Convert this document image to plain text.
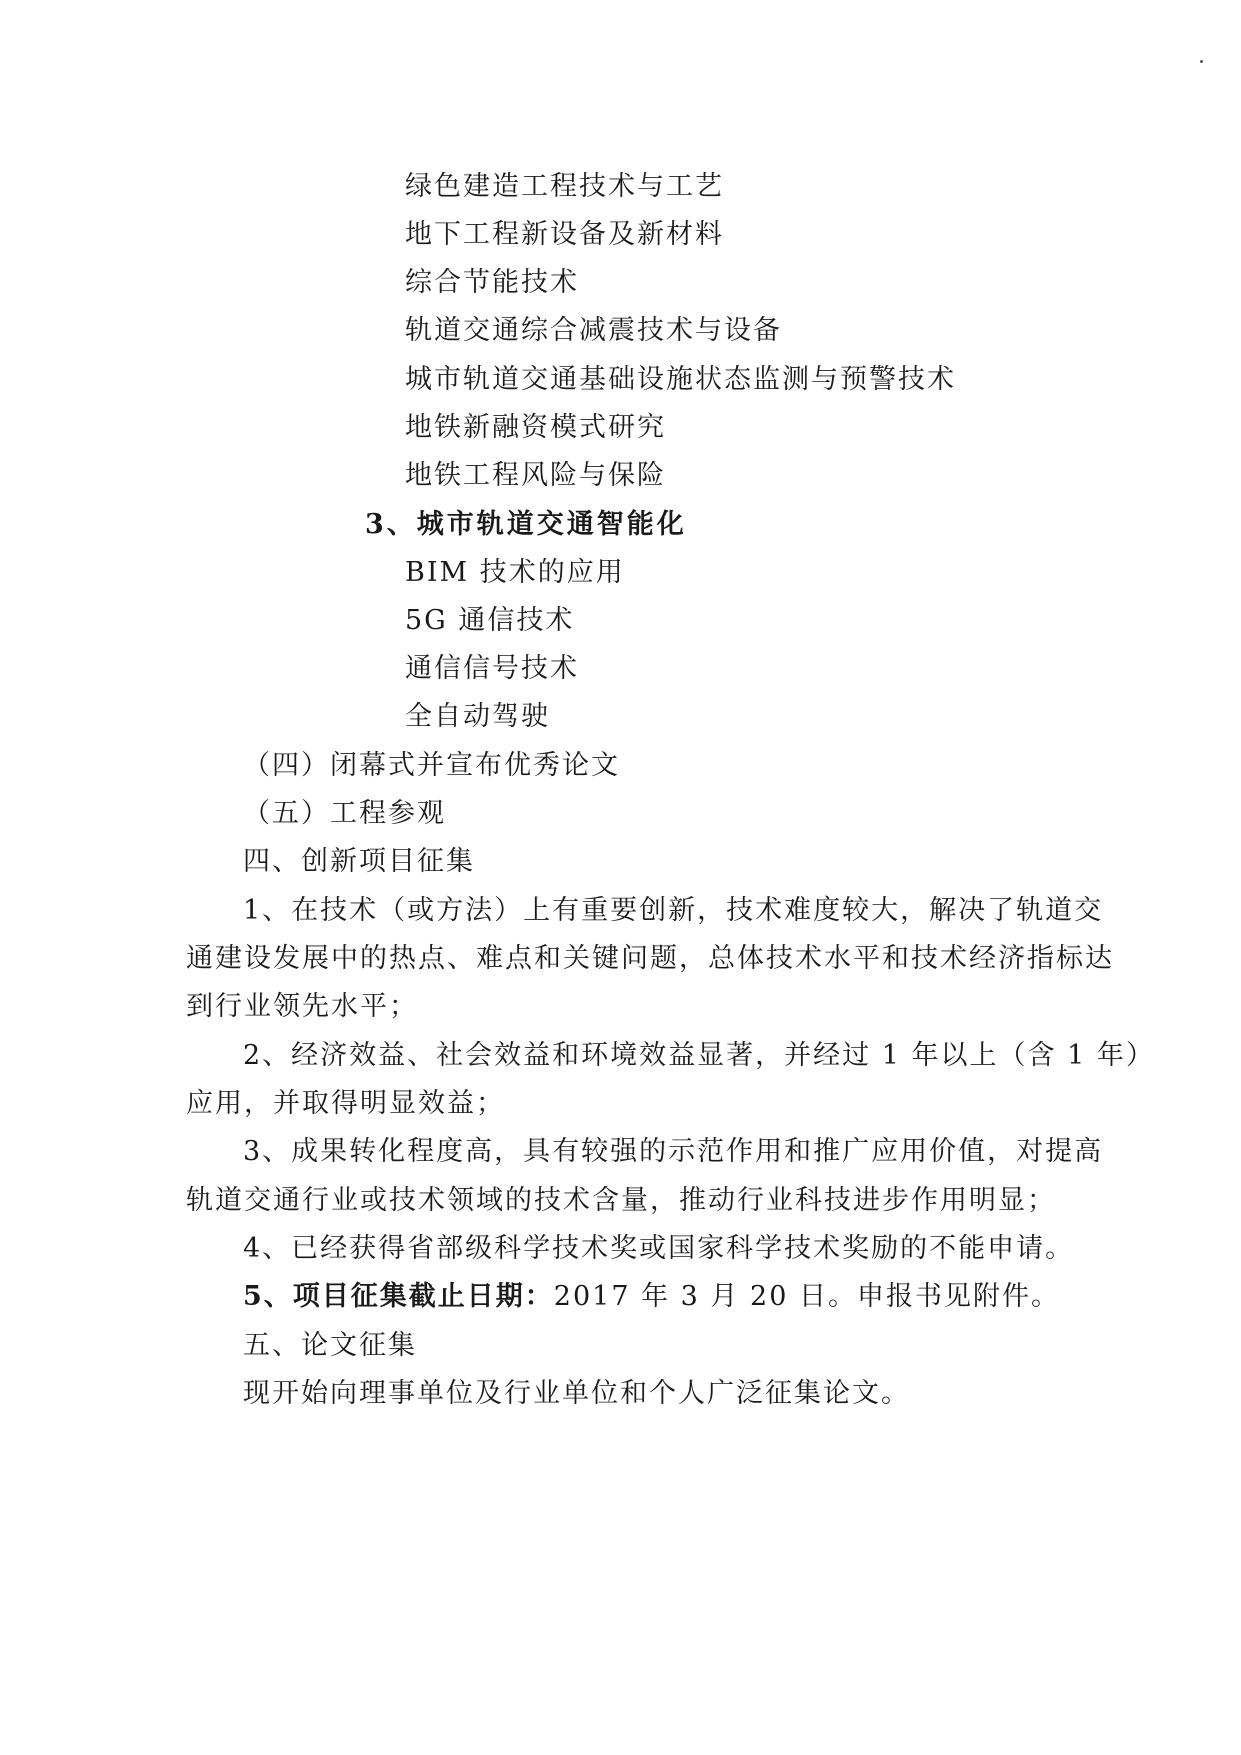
绿色建造工程技术与工艺
地下工程新设备及新材料
综合节能技术
轨道交通综合减震技术与设备
城市轨道交通基础设施状态监测与预警技术
地铁新融资模式研究
地铁工程风险与保险
3、城市轨道交通智能化
BIM 技术的应用
5G 通信技术
通信信号技术
全自动驾驶
（四）闭幕式并宣布优秀论文
（五）工程参观
四、创新项目征集
1、在技术（或方法）上有重要创新，技术难度较大，解决了轨道交
通建设发展中的热点、难点和关键问题，总体技术水平和技术经济指标达
到行业领先水平；
2、经济效益、社会效益和环境效益显著，并经过 1 年以上（含 1 年）
应用，并取得明显效益；
3、成果转化程度高，具有较强的示范作用和推广应用价值，对提高
轨道交通行业或技术领域的技术含量，推动行业科技进步作用明显；
4、已经获得省部级科学技术奖或国家科学技术奖励的不能申请。
5、项目征集截止日期：2017 年 3 月 20 日。申报书见附件。
五、论文征集
现开始向理事单位及行业单位和个人广泛征集论文。
